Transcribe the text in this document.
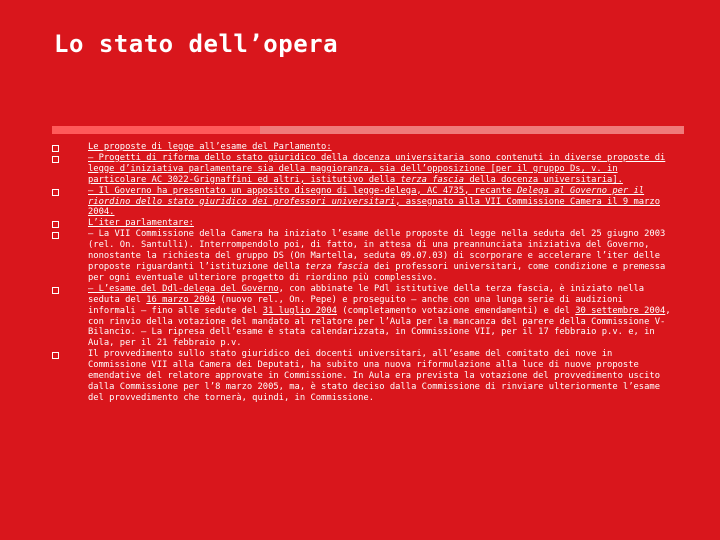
Lo stato dell’opera
Le proposte di legge all’esame del Parlamento:
– Progetti di riforma dello stato giuridico della docenza universitaria sono contenuti in diverse proposte di legge d’iniziativa parlamentare sia della maggioranza, sia dell’opposizione [per il gruppo Ds, v. in particolare AC 3022-Grignaffini ed altri, istitutivo della terza fascia della docenza universitaria].
– Il Governo ha presentato un apposito disegno di legge-delega, AC 4735, recante Delega al Governo per il riordino dello stato giuridico dei professori universitari, assegnato alla VII Commissione Camera il 9 marzo 2004.
L’iter parlamentare:
– La VII Commissione della Camera ha iniziato l’esame delle proposte di legge nella seduta del 25 giugno 2003 (rel. On. Santulli). Interrompendolo poi, di fatto, in attesa di una preannunciata iniziativa del Governo, nonostante la richiesta del gruppo DS (On Martella, seduta 09.07.03) di scorporare e accelerare l’iter delle proposte riguardanti l’istituzione della terza fascia dei professori universitari, come condizione e premessa per ogni eventuale ulteriore progetto di riordino più complessivo.
– L’esame del Ddl-delega del Governo, con abbinate le Pdl istitutive della terza fascia, è iniziato nella seduta del 16 marzo 2004 (nuovo rel., On. Pepe) e proseguito – anche con una lunga serie di audizioni informali – fino alle sedute del 31 luglio 2004 (completamento votazione emendamenti) e del 30 settembre 2004, con rinvio della votazione del mandato al relatore per l’Aula per la mancanza del parere della Commissione V-Bilancio. – La ripresa dell’esame è stata calendarizzata, in Commissione VII, per il 17 febbraio p.v. e, in Aula, per il 21 febbraio p.v.
Il provvedimento sullo stato giuridico dei docenti universitari, all’esame del comitato dei nove in Commissione VII alla Camera dei Deputati, ha subito una nuova riformulazione alla luce di nuove proposte emendative del relatore approvate in Commissione. In Aula era prevista la votazione del provvedimento uscito dalla Commissione per l’8 marzo 2005, ma, è stato deciso dalla Commissione di rinviare ulteriormente l’esame del provvedimento che tornerà, quindi, in Commissione.
